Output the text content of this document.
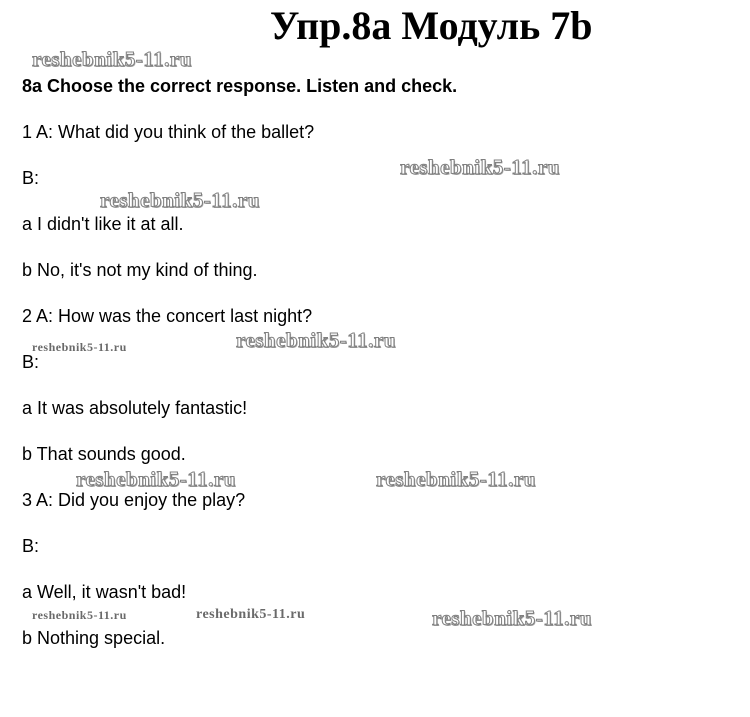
Упр.8а Модуль 7b
8a Choose the correct response. Listen and check.
1 A: What did you think of the ballet?
B:
a I didn't like it at all.
b No, it's not my kind of thing.
2 A: How was the concert last night?
B:
a It was absolutely fantastic!
b That sounds good.
3 A: Did you enjoy the play?
B:
a Well, it wasn't bad!
b Nothing special.
reshebnik5-11.ru
reshebnik5-11.ru
reshebnik5-11.ru
reshebnik5-11.ru	reshebnik5-11.ru
reshebnik5-11.ru	reshebnik5-11.ru
reshebnik5-11.ru	reshebnik5-11.ru	reshebnik5-11.ru
